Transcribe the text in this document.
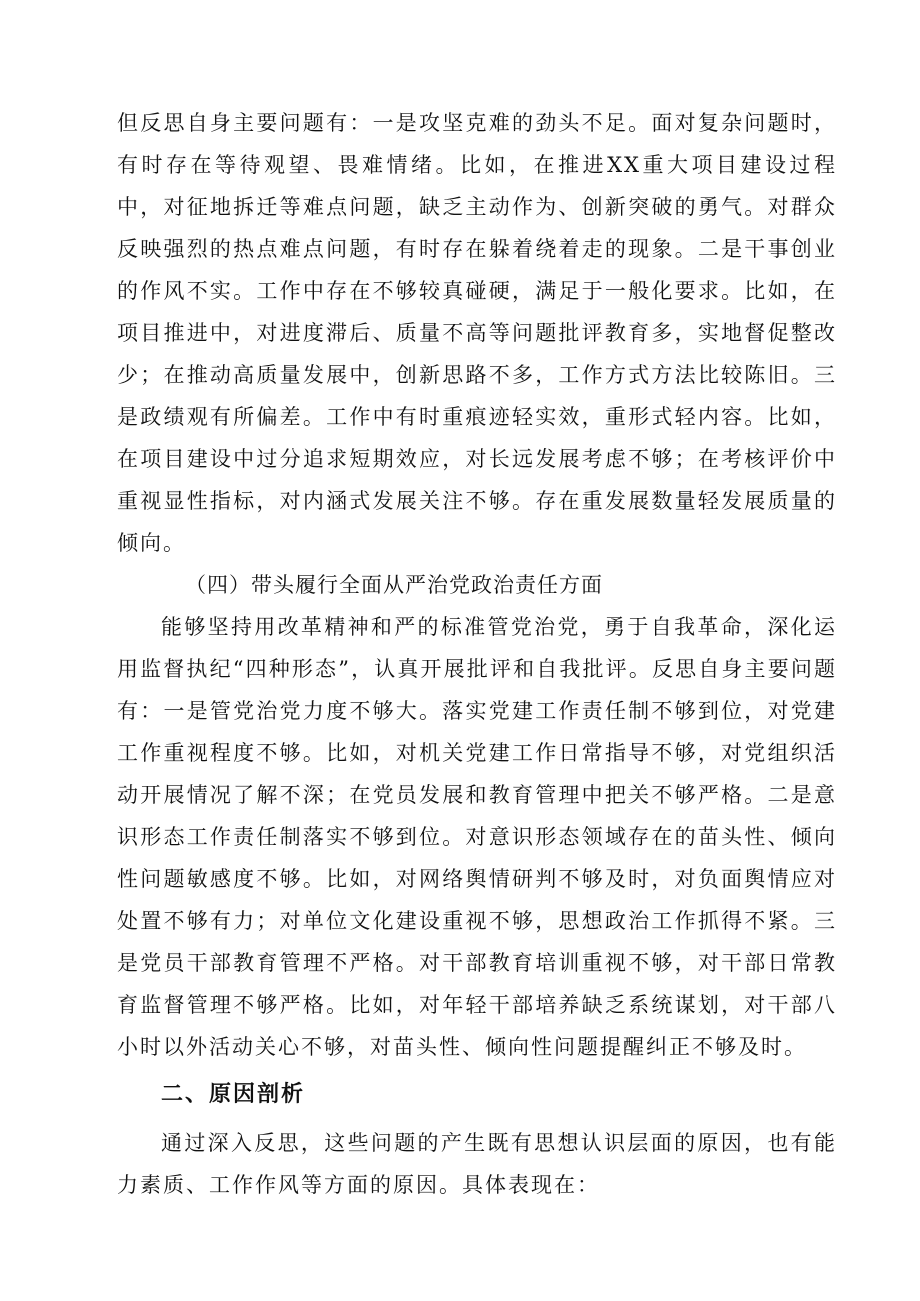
但反思自身主要问题有：一是攻坚克难的劲头不足。面对复杂问题时，有时存在等待观望、畏难情绪。比如，在推进XX重大项目建设过程中，对征地拆迁等难点问题，缺乏主动作为、创新突破的勇气。对群众反映强烈的热点难点问题，有时存在躲着绕着走的现象。二是干事创业的作风不实。工作中存在不够较真碰硬，满足于一般化要求。比如，在项目推进中，对进度滞后、质量不高等问题批评教育多，实地督促整改少；在推动高质量发展中，创新思路不多，工作方式方法比较陈旧。三是政绩观有所偏差。工作中有时重痕迹轻实效，重形式轻内容。比如，在项目建设中过分追求短期效应，对长远发展考虑不够；在考核评价中重视显性指标，对内涵式发展关注不够。存在重发展数量轻发展质量的倾向。

（四）带头履行全面从严治党政治责任方面

能够坚持用改革精神和严的标准管党治党，勇于自我革命，深化运用监督执纪“四种形态”，认真开展批评和自我批评。反思自身主要问题有：一是管党治党力度不够大。落实党建工作责任制不够到位，对党建工作重视程度不够。比如，对机关党建工作日常指导不够，对党组织活动开展情况了解不深；在党员发展和教育管理中把关不够严格。二是意识形态工作责任制落实不够到位。对意识形态领域存在的苗头性、倾向性问题敏感度不够。比如，对网络舆情研判不够及时，对负面舆情应对处置不够有力；对单位文化建设重视不够，思想政治工作抓得不紧。三是党员干部教育管理不严格。对干部教育培训重视不够，对干部日常教育监督管理不够严格。比如，对年轻干部培养缺乏系统谋划，对干部八小时以外活动关心不够，对苗头性、倾向性问题提醒纠正不够及时。

二、原因剖析

通过深入反思，这些问题的产生既有思想认识层面的原因，也有能力素质、工作作风等方面的原因。具体表现在：
